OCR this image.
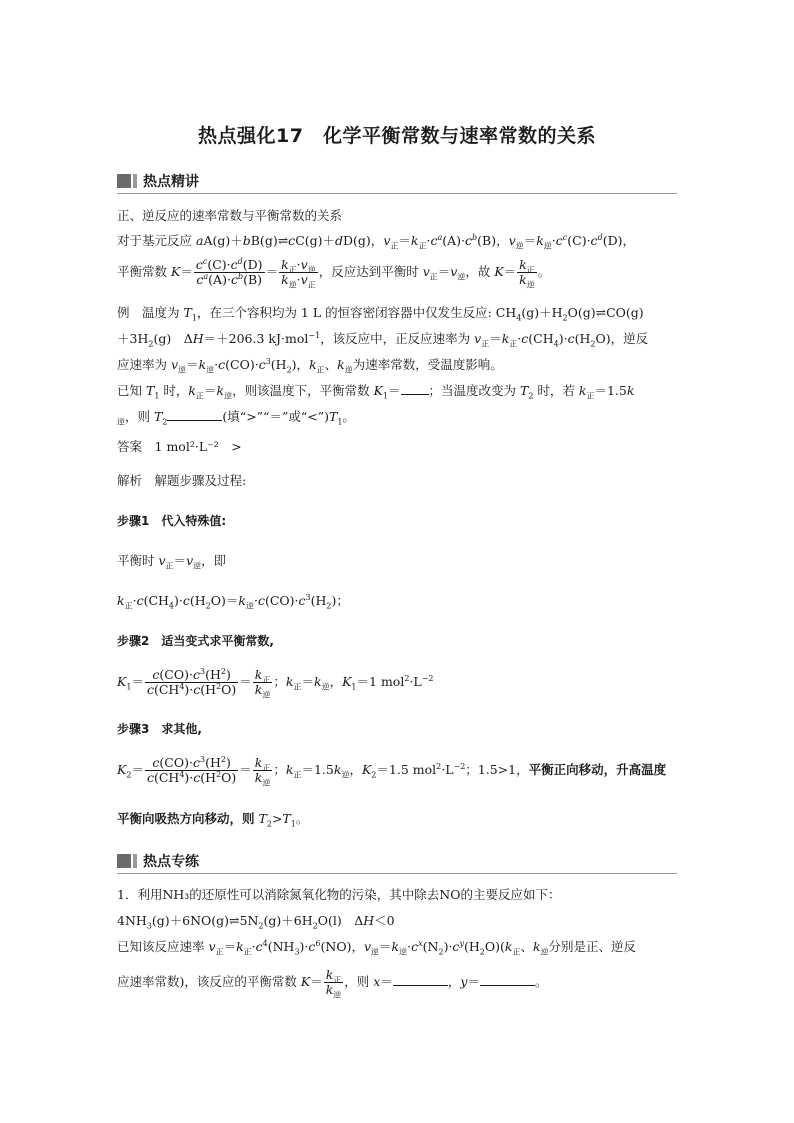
热点强化17　化学平衡常数与速率常数的关系
热点精讲
正、逆反应的速率常数与平衡常数的关系
对于基元反应 aA(g)＋bB(g)⇌cC(g)＋dD(g)，$v_正=k_正\cdot c^a(A)\cdot c^b(B)$，$v_逆=k_逆\cdot c^c(C)\cdot c^d(D)$，
平衡常数 $K= \frac{c^c(C)\cdot c^d(D)}{c^a(A)\cdot c^b(B)} = \frac{k_正\cdot v_逆}{k_逆\cdot v_正}$ ，反应达到平衡时 $v_正=v_逆$，故 $K= \frac{k_正}{k_逆}$ 。
例　温度为 $T_1$，在三个容积均为 1 L 的恒容密闭容器中仅发生反应: $CH_4(g)+H_2O(g)\rightleftharpoons CO(g)$
$+3H_2(g)$　ΔH＝＋206.3 kJ·mol$^{-1}$，该反应中，正反应速率为 $v_正=k_正\cdot c(CH_4)\cdot c(H_2O)$，逆反
应速率为 $v_逆=k_逆\cdot c(CO)\cdot c^3(H_2)$，$k_正$、$k_逆$为速率常数，受温度影响。
已知 $T_1$ 时，$k_正=k_逆$，则该温度下，平衡常数 $K_1=$ ；当温度改变为 $T_2$ 时，若 $k_正=1.5k$
$_逆$，则 $T_2$	(填“>”“＝”或“$<”)T_1$。
答案　 1 mol²·L⁻²　>
解析　 解题步骤及过程:
步骤1　代入特殊值:
平衡时 $v_正=v_逆$，即
$k_正\cdot c(CH_4)\cdot c(H_2O)=k_逆\cdot c(CO)\cdot c^3(H_2)$；
步骤2　适当变式求平衡常数,
$K_1= \frac{c(CO)\cdot c^3(H^2)}{c(CH^4)\cdot c(H^2O)} = \frac{k_正}{k_逆}$ ；$k_正=k_逆$，$K_1=1$ $mol^2\cdot L^{-2}$
步骤3　求其他,
$K_2= \frac{c(CO)\cdot c^3(H^2)}{c(CH^4)\cdot c(H^2O)} = \frac{k_正}{k_逆}$ ；$k_正=1.5k_逆$，$K_2=1.5$ $mol^2\cdot L^{-2}$；1.5>1，平衡正向移动，升高温度
平衡向吸热方向移动，则 $T_2>T_1$。
热点专练
1．利用NH₃的还原性可以消除氮氧化物的污染，其中除去NO的主要反应如下：
$4NH_3(g)+6NO(g)\rightleftharpoons 5N_2(g)+6H_2O(l)$　ΔH＜0
已知该反应速率 $v_正=k_正\cdot c^4(NH_3)\cdot c^6(NO)$，$v_逆=k_逆\cdot c^x(N_2)\cdot c^y(H_2O)(k_正$、$k_逆$分别是正、逆反
应速率常数)，该反应的平衡常数 $K= \frac{k_正}{k_逆}$ ，则 x＝	，y＝	。
